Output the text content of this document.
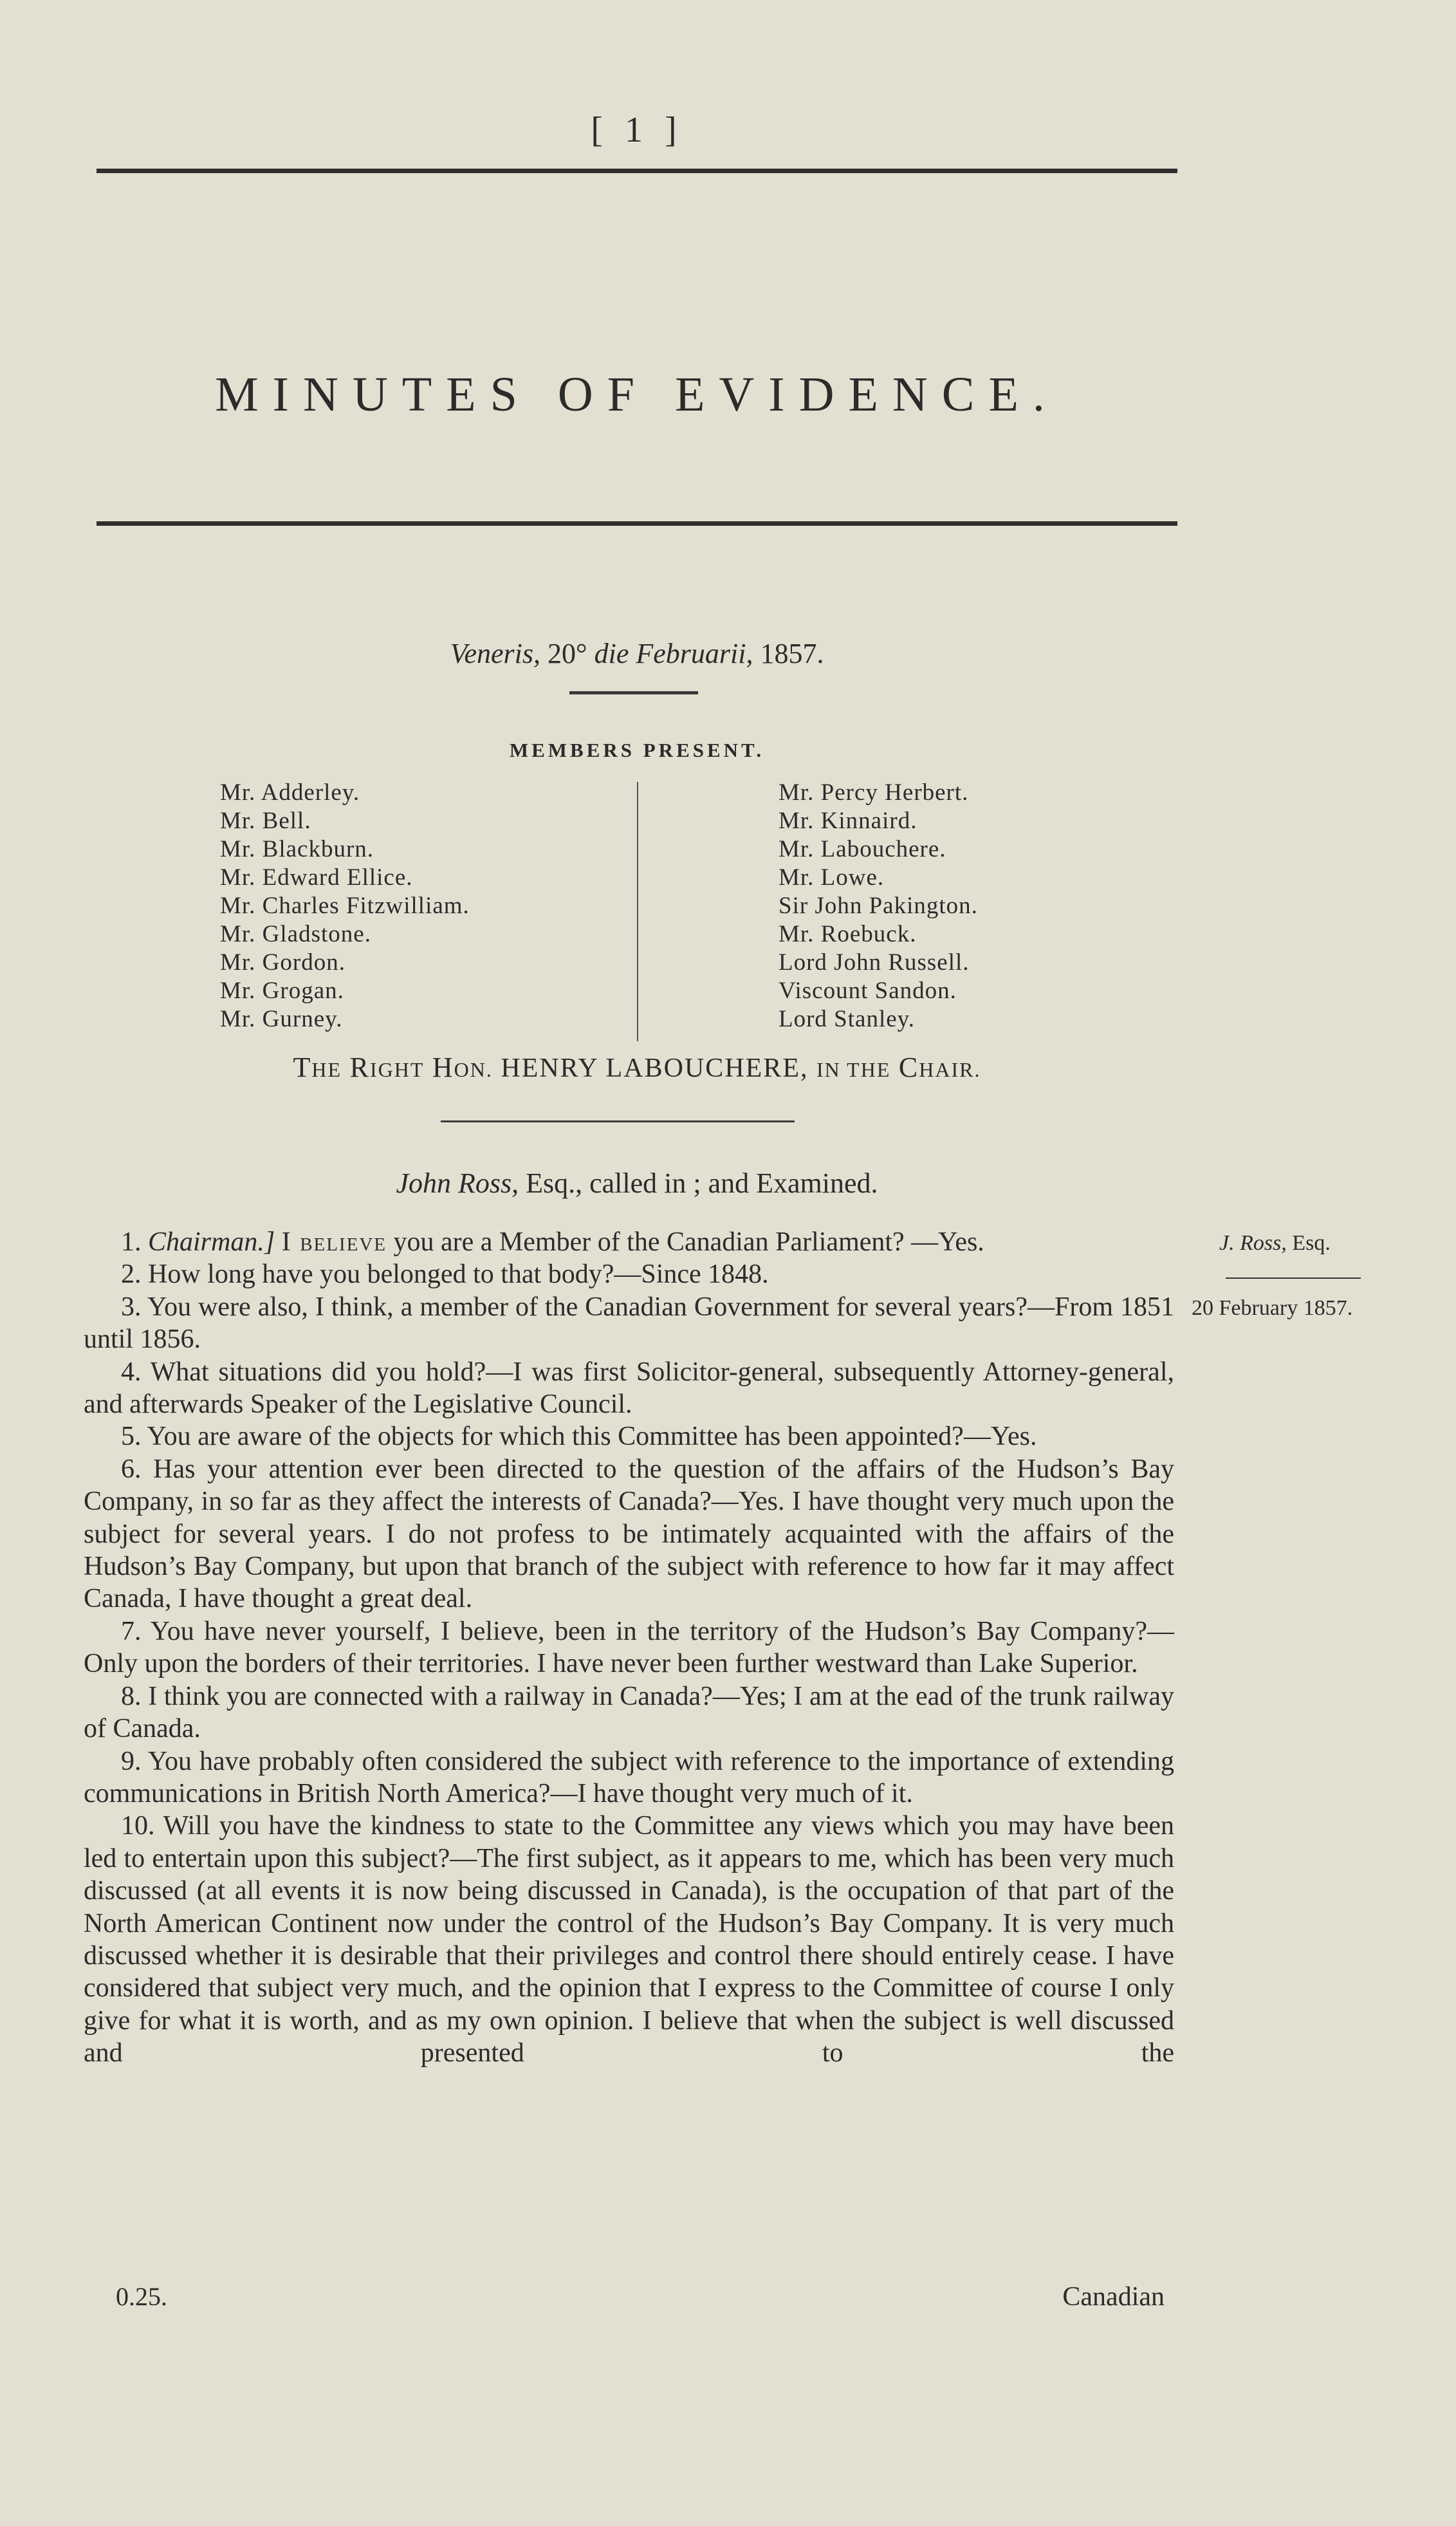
[ 1 ]
MINUTES OF EVIDENCE.
Veneris, 20° die Februarii, 1857.
MEMBERS PRESENT.
Mr. Adderley.
Mr. Bell.
Mr. Blackburn.
Mr. Edward Ellice.
Mr. Charles Fitzwilliam.
Mr. Gladstone.
Mr. Gordon.
Mr. Grogan.
Mr. Gurney.
Mr. Percy Herbert.
Mr. Kinnaird.
Mr. Labouchere.
Mr. Lowe.
Sir John Pakington.
Mr. Roebuck.
Lord John Russell.
Viscount Sandon.
Lord Stanley.
THE RIGHT HON. HENRY LABOUCHERE, IN THE CHAIR.
John Ross, Esq., called in ; and Examined.
J. Ross, Esq.
20 February 1857.

1. Chairman.] I believe you are a Member of the Canadian Parliament? —Yes.

2. How long have you belonged to that body?—Since 1848.

3. You were also, I think, a member of the Canadian Government for several years?—From 1851 until 1856.

4. What situations did you hold?—I was first Solicitor-general, subsequently Attorney-general, and afterwards Speaker of the Legislative Council.

5. You are aware of the objects for which this Committee has been appointed?—Yes.

6. Has your attention ever been directed to the question of the affairs of the Hudson’s Bay Company, in so far as they affect the interests of Canada?—Yes. I have thought very much upon the subject for several years. I do not profess to be intimately acquainted with the affairs of the Hudson’s Bay Company, but upon that branch of the subject with reference to how far it may affect Canada, I have thought a great deal.

7. You have never yourself, I believe, been in the territory of the Hudson’s Bay Company?—Only upon the borders of their territories. I have never been further westward than Lake Superior.

8. I think you are connected with a railway in Canada?—Yes; I am at the ead of the trunk railway of Canada.

9. You have probably often considered the subject with reference to the importance of extending communications in British North America?—I have thought very much of it.

10. Will you have the kindness to state to the Committee any views which you may have been led to entertain upon this subject?—The first subject, as it appears to me, which has been very much discussed (at all events it is now being discussed in Canada), is the occupation of that part of the North American Continent now under the control of the Hudson’s Bay Company. It is very much discussed whether it is desirable that their privileges and control there should entirely cease. I have considered that subject very much, and the opinion that I express to the Committee of course I only give for what it is worth, and as my own opinion. I believe that when the subject is well discussed and presented to the

0.25.	Canadian
